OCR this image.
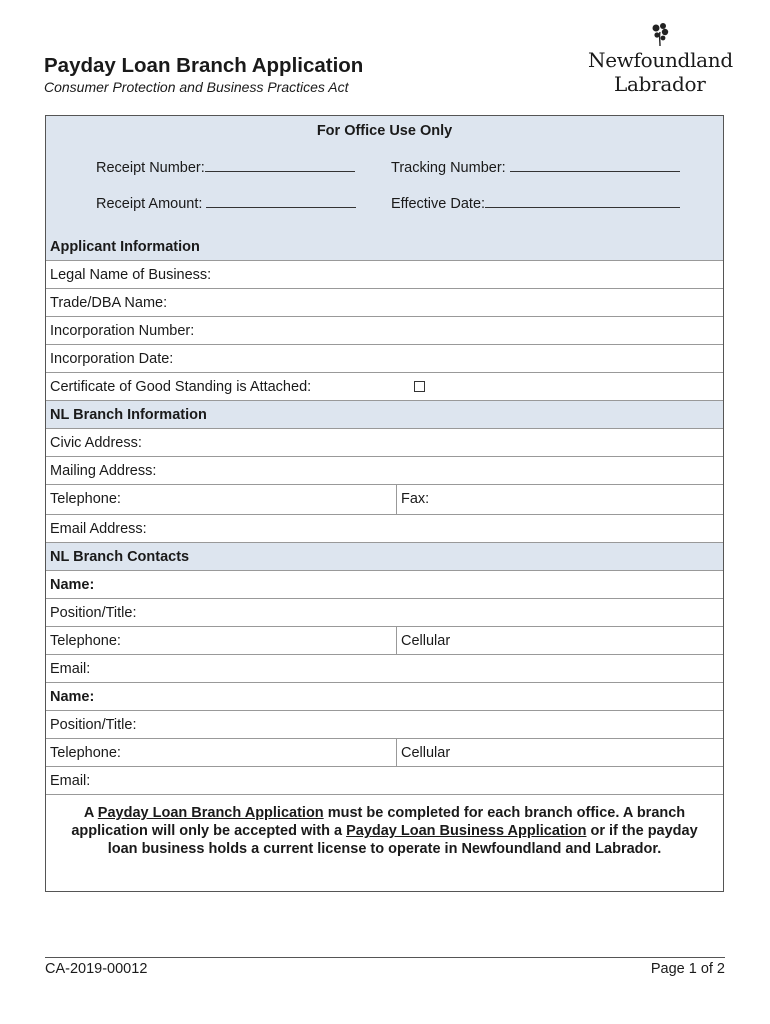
Payday Loan Branch Application
Consumer Protection and Business Practices Act
Newfoundland
Labrador
For Office Use Only
Receipt Number:	Tracking Number:
Receipt Amount:	Effective Date:
Applicant Information
Legal Name of Business:
Trade/DBA Name:
Incorporation Number:
Incorporation Date:
Certificate of Good Standing is Attached:
NL Branch Information
Civic Address:
Mailing Address:
Telephone:	Fax:
Email Address:
NL Branch Contacts
Name:
Position/Title:
Telephone:	Cellular
Email:
Name:
Position/Title:
Telephone:	Cellular
Email:
A Payday Loan Branch Application must be completed for each branch office. A branch application will only be accepted with a Payday Loan Business Application or if the payday loan business holds a current license to operate in Newfoundland and Labrador.
CA-2019-00012	Page 1 of 2
